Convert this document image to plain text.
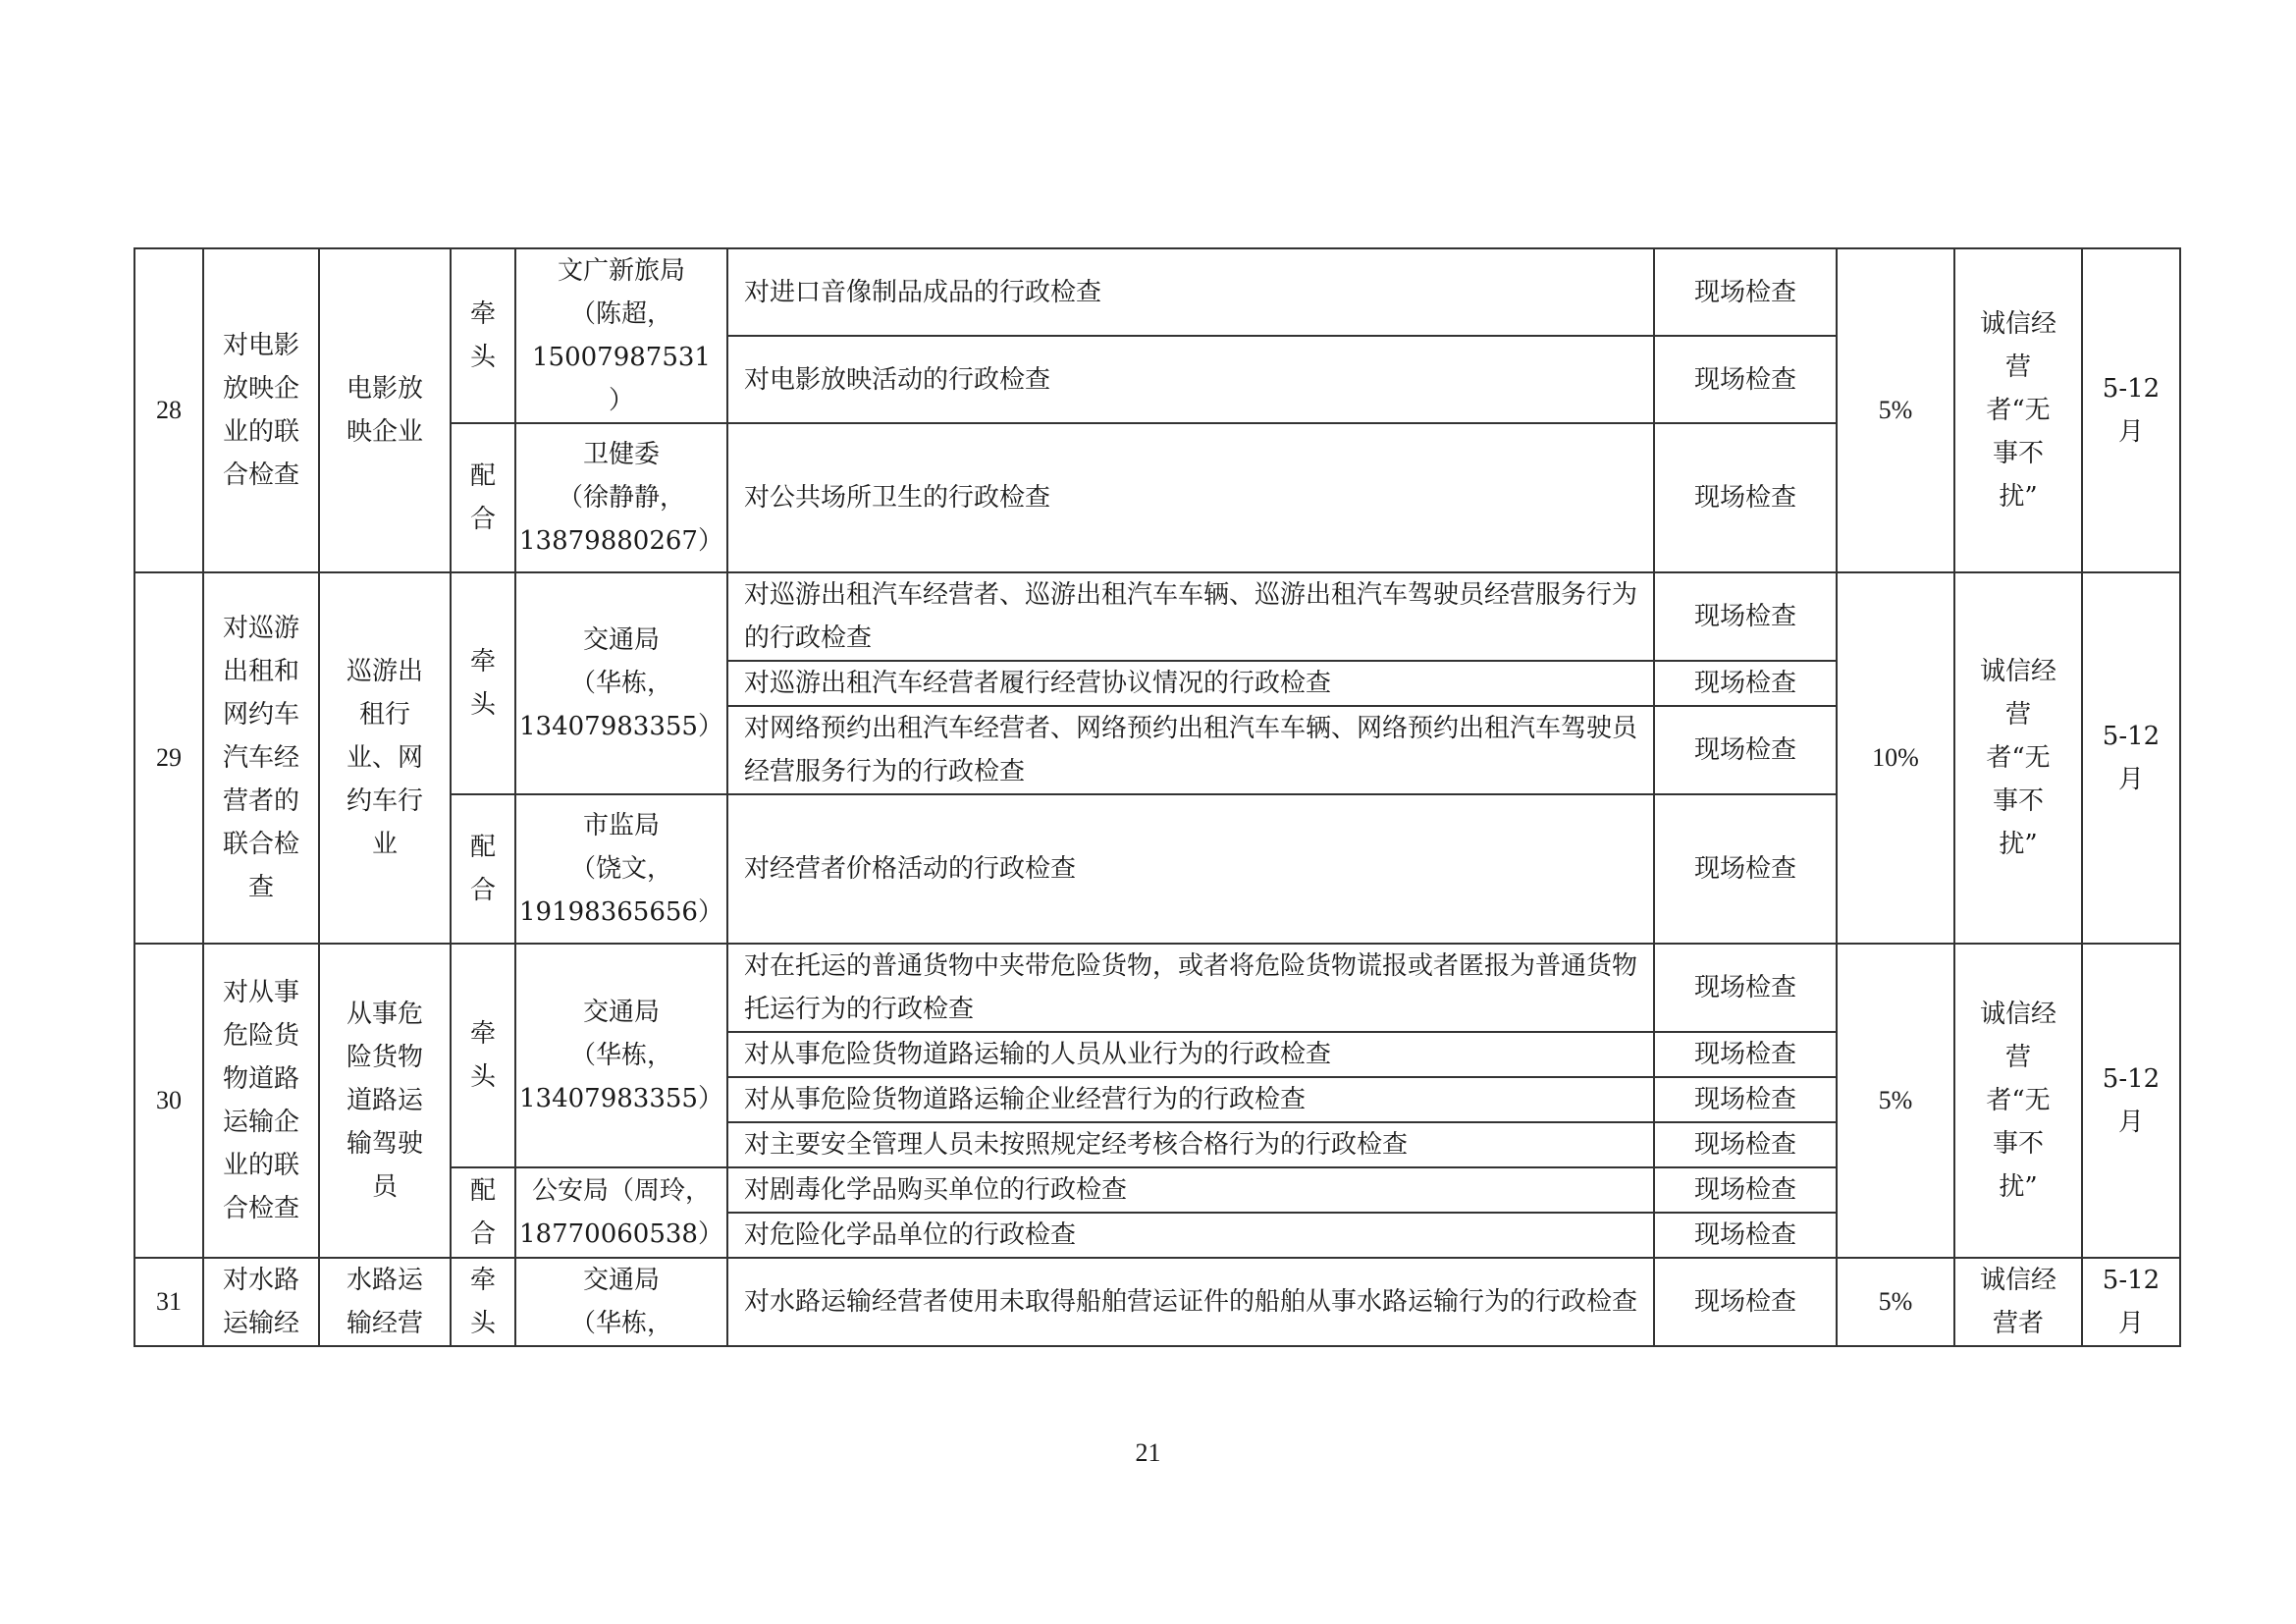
28	对电影放映企业的联合检查	电影放映企业	牵头	文广新旅局
（陈超，
15007987531
）	对进口音像制品成品的行政检查	现场检查	5%	诚信经营者“无事不扰”	5-12月

					对电影放映活动的行政检查	现场检查			

			配合	卫健委
（徐静静，
13879880267）	对公共场所卫生的行政检查	现场检查			
29	对巡游出租和网约车汽车经营者的联合检查	巡游出租行业、网约车行业	牵头	交通局
（华栋，
13407983355）	对巡游出租汽车经营者、巡游出租汽车车辆、巡游出租汽车驾驶员经营服务行为的行政检查	现场检查	10%	诚信经营者“无事不扰”	5-12月

					对巡游出租汽车经营者履行经营协议情况的行政检查	现场检查			
					对网络预约出租汽车经营者、网络预约出租汽车车辆、网络预约出租汽车驾驶员经营服务行为的行政检查	现场检查			

			配合	市监局
（饶文，
19198365656）	对经营者价格活动的行政检查	现场检查			
30	对从事危险货物道路运输企业的联合检查	从事危险货物道路运输驾驶员	牵头	交通局
（华栋，
13407983355）	对在托运的普通货物中夹带危险货物，或者将危险货物谎报或者匿报为普通货物托运行为的行政检查	现场检查	5%	诚信经营者“无事不扰”	5-12月

					对从事危险货物道路运输的人员从业行为的行政检查	现场检查			
					对从事危险货物道路运输企业经营行为的行政检查	现场检查			
					对主要安全管理人员未按照规定经考核合格行为的行政检查	现场检查			

			配合	公安局（周玲，
18770060538）	对剧毒化学品购买单位的行政检查	现场检查			
					对危险化学品单位的行政检查	现场检查			
31	对水路运输经	水路运输经营	牵头	交通局
（华栋，	对水路运输经营者使用未取得船舶营运证件的船舶从事水路运输行为的行政检查	现场检查	5%	诚信经营者	5-12月
21
